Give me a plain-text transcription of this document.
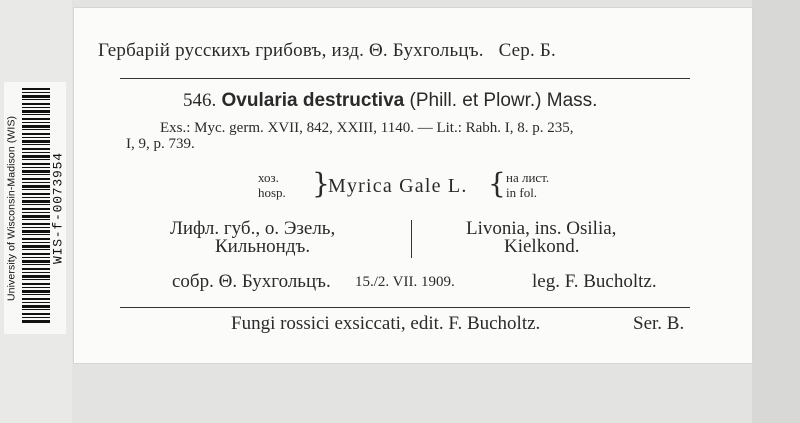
University of Wisconsin-Madison (WIS)	WIS-f-0073954
Гербарій русскихъ грибовъ, изд. Θ. Бухгольцъ. Сер. Б.
546. Ovularia destructiva (Phill. et Plowr.) Mass.
Exs.: Myc. germ. XVII, 842, XXIII, 1140. — Lit.: Rabh. I, 8. p. 235,
I, 9, p. 739.
хоз.
hosp. }
Myrica Gale L. { на лист.
in fol.
Лифл. губ., о. Эзель,
Кильнондъ.
Livonia, ins. Osilia,
Kielkond.
собр. Θ. Бухгольцъ. 15./2. VII. 1909.	leg. F. Bucholtz.
Fungi rossici exsiccati, edit. F. Bucholtz.	Ser. B.
